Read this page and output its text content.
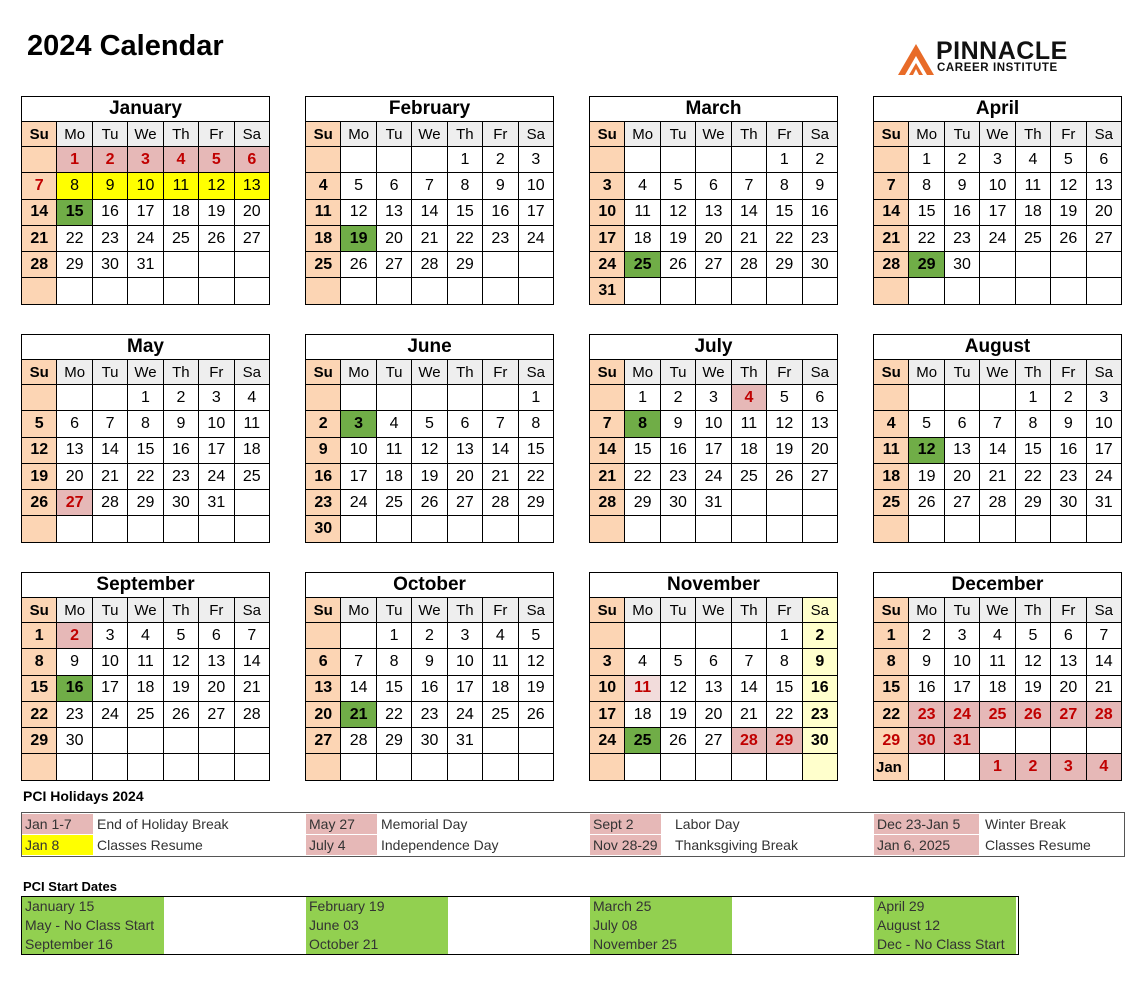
2024 Calendar	PINNACLE
CAREER INSTITUTE
January						
Su	Mo	Tu	We	Th	Fr	Sa
	1	2	3	4	5	6
7	8	9	10	11	12	13
14	15	16	17	18	19	20
21	22	23	24	25	26	27
28	29	30	31			

February						
Su	Mo	Tu	We	Th	Fr	Sa
				1	2	3
4	5	6	7	8	9	10
11	12	13	14	15	16	17
18	19	20	21	22	23	24
25	26	27	28	29		

March						
Su	Mo	Tu	We	Th	Fr	Sa
					1	2
3	4	5	6	7	8	9
10	11	12	13	14	15	16
17	18	19	20	21	22	23
24	25	26	27	28	29	30
31						
April						
Su	Mo	Tu	We	Th	Fr	Sa
	1	2	3	4	5	6
7	8	9	10	11	12	13
14	15	16	17	18	19	20
21	22	23	24	25	26	27
28	29	30				

May						
Su	Mo	Tu	We	Th	Fr	Sa
			1	2	3	4
5	6	7	8	9	10	11
12	13	14	15	16	17	18
19	20	21	22	23	24	25
26	27	28	29	30	31	

June						
Su	Mo	Tu	We	Th	Fr	Sa
						1
2	3	4	5	6	7	8
9	10	11	12	13	14	15
16	17	18	19	20	21	22
23	24	25	26	27	28	29
30						
July						
Su	Mo	Tu	We	Th	Fr	Sa
	1	2	3	4	5	6
7	8	9	10	11	12	13
14	15	16	17	18	19	20
21	22	23	24	25	26	27
28	29	30	31			

August						
Su	Mo	Tu	We	Th	Fr	Sa
				1	2	3
4	5	6	7	8	9	10
11	12	13	14	15	16	17
18	19	20	21	22	23	24
25	26	27	28	29	30	31

September						
Su	Mo	Tu	We	Th	Fr	Sa
1	2	3	4	5	6	7
8	9	10	11	12	13	14
15	16	17	18	19	20	21
22	23	24	25	26	27	28
29	30					

October						
Su	Mo	Tu	We	Th	Fr	Sa
		1	2	3	4	5
6	7	8	9	10	11	12
13	14	15	16	17	18	19
20	21	22	23	24	25	26
27	28	29	30	31		

November						
Su	Mo	Tu	We	Th	Fr	Sa
					1	2
3	4	5	6	7	8	9
10	11	12	13	14	15	16
17	18	19	20	21	22	23
24	25	26	27	28	29	30

December						
Su	Mo	Tu	We	Th	Fr	Sa
1	2	3	4	5	6	7
8	9	10	11	12	13	14
15	16	17	18	19	20	21
22	23	24	25	26	27	28
29	30	31				
Jan			1	2	3	4
PCI Holidays 2024
Jan 1-7	End of Holiday Break
Jan 8	Classes Resume
May 27	Memorial Day
July 4	Independence Day
Sept 2	Labor Day
Nov 28-29 Thanksgiving Break
Dec 23-Jan 5	Winter Break
Jan 6, 2025	Classes Resume
PCI Start Dates
January 15
May - No Class Start
September 16
February 19
June 03
October 21
March 25
July 08
November 25
April 29
August 12
Dec - No Class Start
